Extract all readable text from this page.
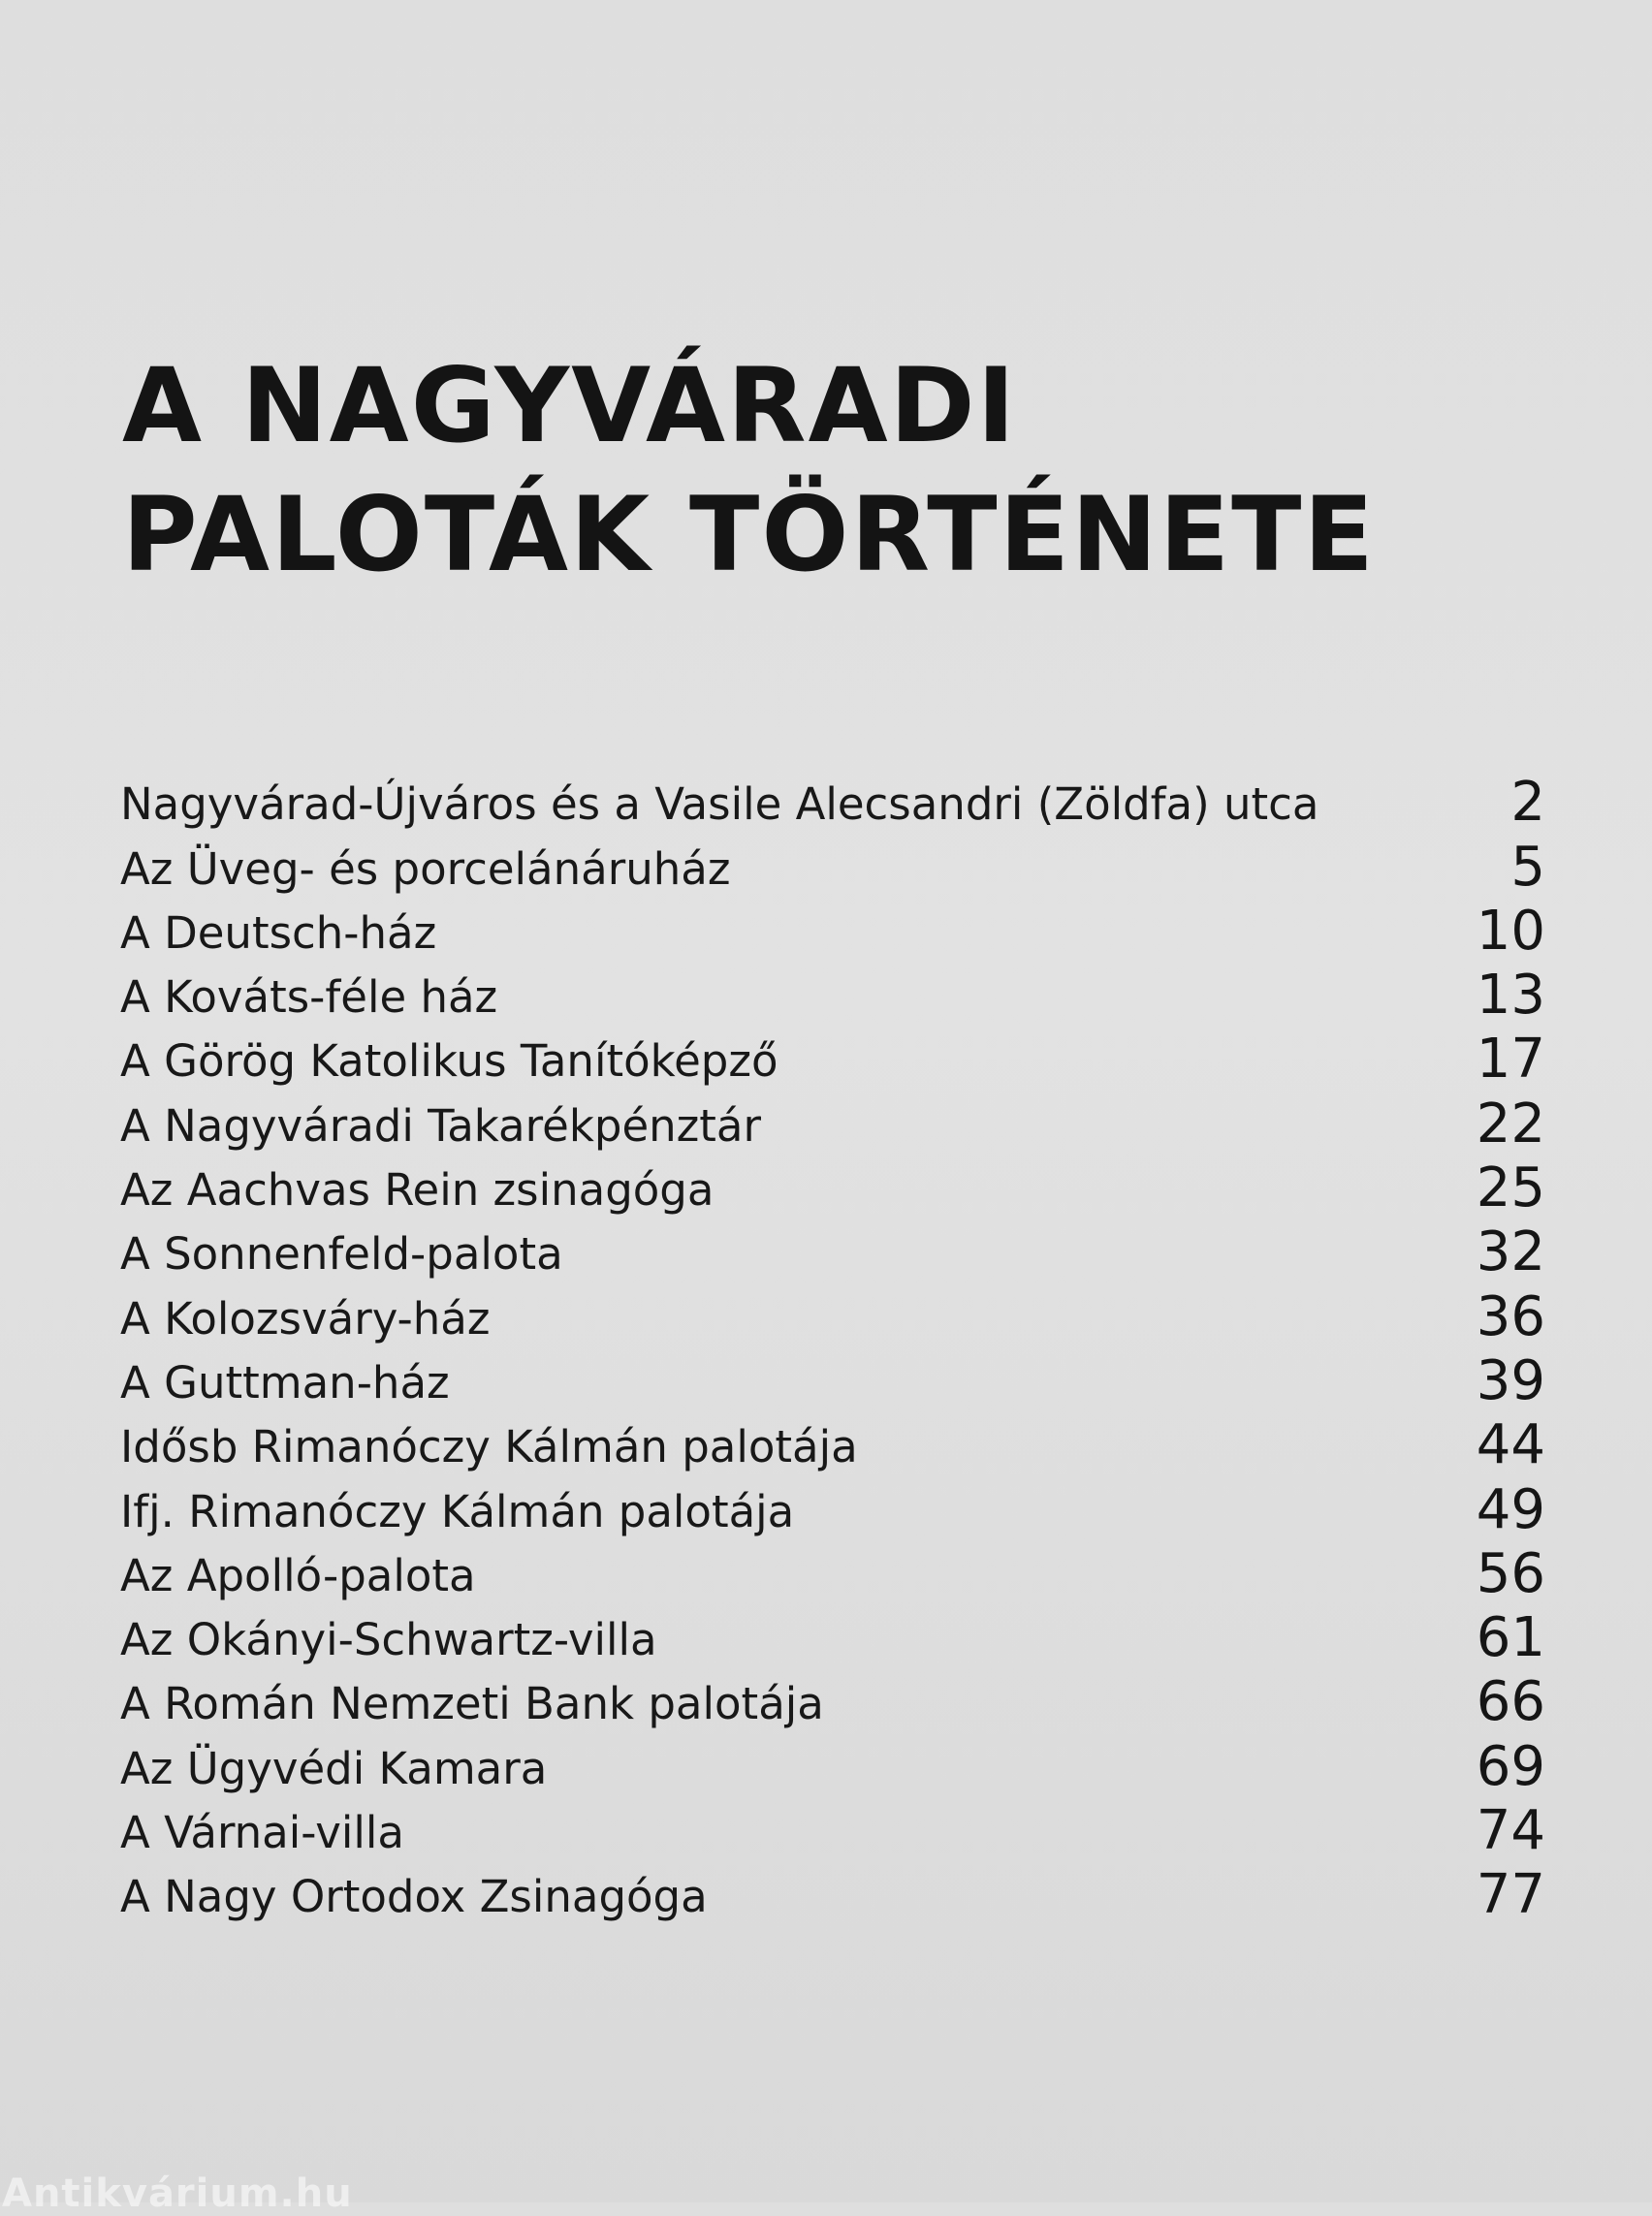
A NAGYVÁRADI
PALOTÁK TÖRTÉNETE
Nagyvárad-Újváros és a Vasile Alecsandri (Zöldfa) utca	2
Az Üveg- és porcelánáruház	5
A Deutsch-ház	10
A Kováts-féle ház	13
A Görög Katolikus Tanítóképző	17
A Nagyváradi Takarékpénztár	22
Az Aachvas Rein zsinagóga	25
A Sonnenfeld-palota	32
A Kolozsváry-ház	36
A Guttman-ház	39
Idősb Rimanóczy Kálmán palotája	44
Ifj. Rimanóczy Kálmán palotája	49
Az Apolló-palota	56
Az Okányi-Schwartz-villa	61
A Román Nemzeti Bank palotája	66
Az Ügyvédi Kamara	69
A Várnai-villa	74
A Nagy Ortodox Zsinagóga	77
Antikvárium.hu
